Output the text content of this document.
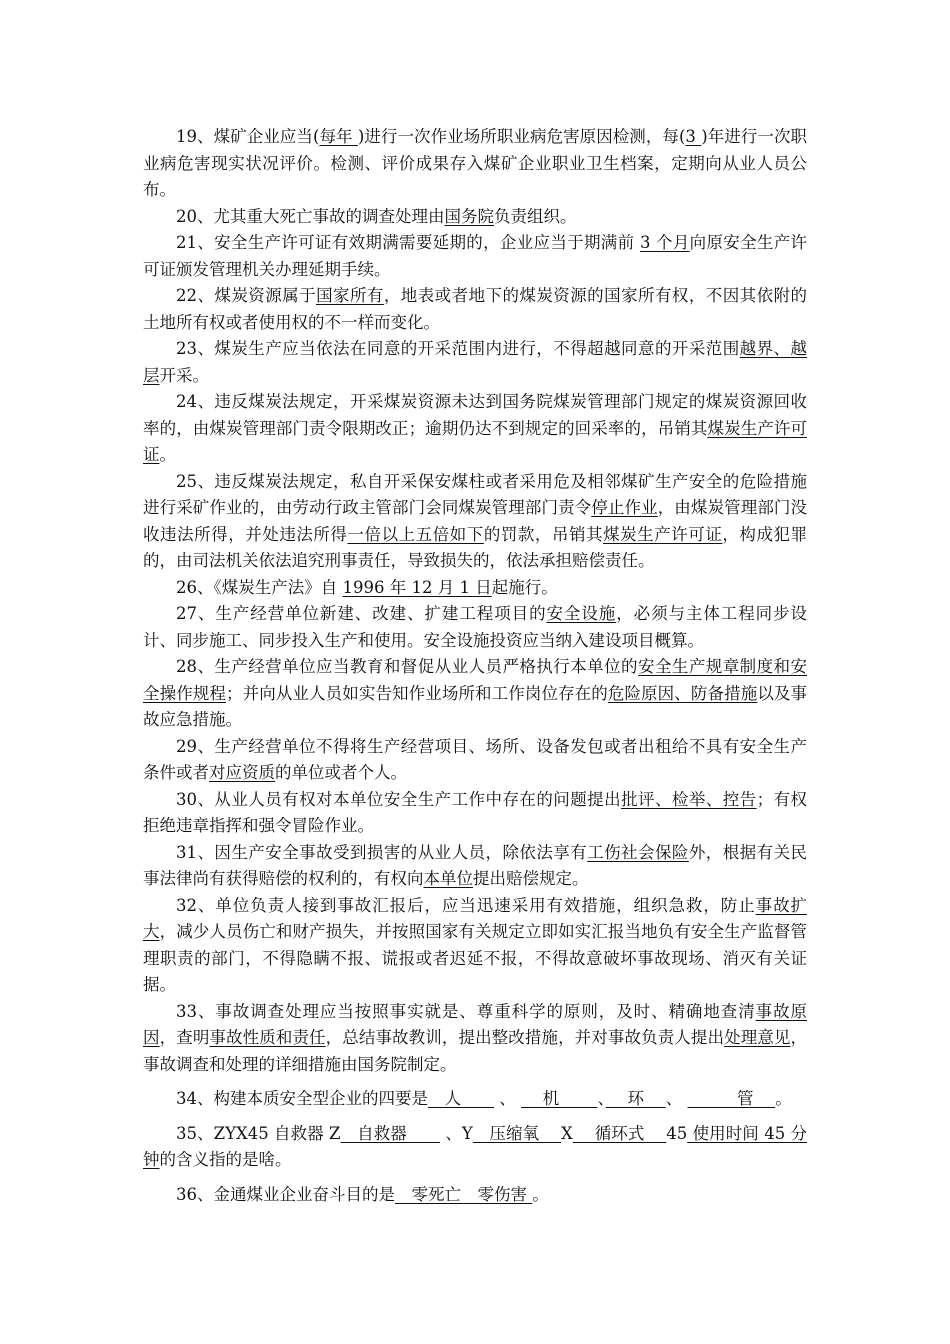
19、煤矿企业应当(每年 )进行一次作业场所职业病危害原因检测，每(3 )年进行一次职业病危害现实状况评价。检测、评价成果存入煤矿企业职业卫生档案，定期向从业人员公布。

20、尤其重大死亡事故的调查处理由国务院负责组织。

21、安全生产许可证有效期满需要延期的，企业应当于期满前 3 个月向原安全生产许可证颁发管理机关办理延期手续。

22、煤炭资源属于国家所有，地表或者地下的煤炭资源的国家所有权，不因其依附的土地所有权或者使用权的不一样而变化。

23、煤炭生产应当依法在同意的开采范围内进行，不得超越同意的开采范围越界、越层开采。

24、违反煤炭法规定，开采煤炭资源未达到国务院煤炭管理部门规定的煤炭资源回收率的，由煤炭管理部门责令限期改正；逾期仍达不到规定的回采率的，吊销其煤炭生产许可证。

25、违反煤炭法规定，私自开采保安煤柱或者采用危及相邻煤矿生产安全的危险措施进行采矿作业的，由劳动行政主管部门会同煤炭管理部门责令停止作业，由煤炭管理部门没收违法所得，并处违法所得一倍以上五倍如下的罚款，吊销其煤炭生产许可证，构成犯罪的，由司法机关依法追究刑事责任，导致损失的，依法承担赔偿责任。

26、《煤炭生产法》自 1996 年 12 月 1 日起施行。

27、生产经营单位新建、改建、扩建工程项目的安全设施，必须与主体工程同步设计、同步施工、同步投入生产和使用。安全设施投资应当纳入建设项目概算。

28、生产经营单位应当教育和督促从业人员严格执行本单位的安全生产规章制度和安全操作规程；并向从业人员如实告知作业场所和工作岗位存在的危险原因、防备措施以及事故应急措施。

29、生产经营单位不得将生产经营项目、场所、设备发包或者出租给不具有安全生产条件或者对应资质的单位或者个人。

30、从业人员有权对本单位安全生产工作中存在的问题提出批评、检举、控告；有权拒绝违章指挥和强令冒险作业。

31、因生产安全事故受到损害的从业人员，除依法享有工伤社会保险外，根据有关民事法律尚有获得赔偿的权利的，有权向本单位提出赔偿规定。

32、单位负责人接到事故汇报后，应当迅速采用有效措施，组织急救，防止事故扩大，减少人员伤亡和财产损失，并按照国家有关规定立即如实汇报当地负有安全生产监督管理职责的部门，不得隐瞒不报、谎报或者迟延不报，不得故意破坏事故现场、消灭有关证据。

33、事故调查处理应当按照事实就是、尊重科学的原则，及时、精确地查清事故原因，查明事故性质和责任，总结事故教训，提出整改措施，并对事故负责人提出处理意见，事故调查和处理的详细措施由国务院制定。

34、构建本质安全型企业的四要是　人　　 、 　 机　　 、　 环　 、 　　　管　 。

35、ZYX45 自救器 Z　自救器　　 、Y　压缩氧　 X　 循环式　 45 使用时间 45 分钟的含义指的是啥。

36、金通煤业企业奋斗目的是　零死亡　零伤害 。
